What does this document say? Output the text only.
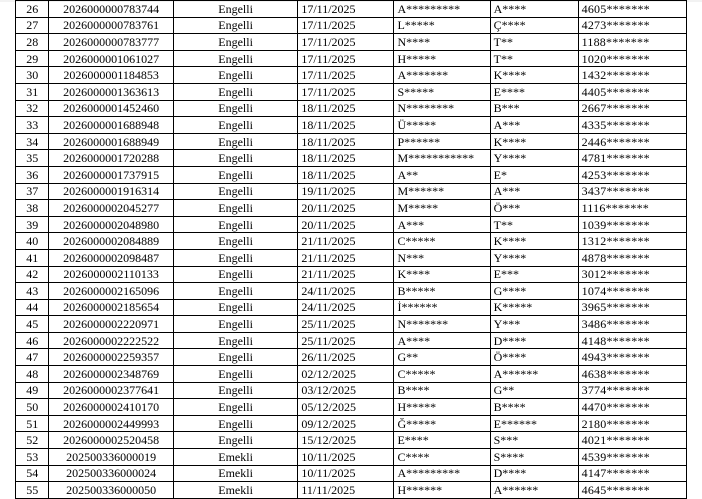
26	2026000000783744	Engelli	17/11/2025	A*********	A****	4605*******
27	2026000000783761	Engelli	17/11/2025	L*****	Ç****	4273*******
28	2026000000783777	Engelli	17/11/2025	N****	T**	1188*******
29	2026000001061027	Engelli	17/11/2025	H*****	T**	1020*******
30	2026000001184853	Engelli	17/11/2025	A*******	K****	1432*******
31	2026000001363613	Engelli	17/11/2025	S*****	E****	4405*******
32	2026000001452460	Engelli	18/11/2025	N********	B***	2667*******
33	2026000001688948	Engelli	18/11/2025	Ü*****	A***	4335*******
34	2026000001688949	Engelli	18/11/2025	P******	K****	2446*******
35	2026000001720288	Engelli	18/11/2025	M***********	Y****	4781*******
36	2026000001737915	Engelli	18/11/2025	A**	E*	4253*******
37	2026000001916314	Engelli	19/11/2025	M******	A***	3437*******
38	2026000002045277	Engelli	20/11/2025	M*****	Ö***	1116*******
39	2026000002048980	Engelli	20/11/2025	A***	T**	1039*******
40	2026000002084889	Engelli	21/11/2025	C*****	K****	1312*******
41	2026000002098487	Engelli	21/11/2025	N***	Y****	4878*******
42	2026000002110133	Engelli	21/11/2025	K****	E***	3012*******
43	2026000002165096	Engelli	24/11/2025	B*****	G****	1074*******
44	2026000002185654	Engelli	24/11/2025	İ******	K*****	3965*******
45	2026000002220971	Engelli	25/11/2025	N*******	Y***	3486*******
46	2026000002222522	Engelli	25/11/2025	A****	D****	4148*******
47	2026000002259357	Engelli	26/11/2025	G**	Ö****	4943*******
48	2026000002348769	Engelli	02/12/2025	C*****	A******	4638*******
49	2026000002377641	Engelli	03/12/2025	B****	G**	3774*******
50	2026000002410170	Engelli	05/12/2025	H*****	B****	4470*******
51	2026000002449993	Engelli	09/12/2025	Ğ*****	E******	2180*******
52	2026000002520458	Engelli	15/12/2025	E****	S***	4021*******
53	202500336000019	Emekli	10/11/2025	C****	S****	4539*******
54	202500336000024	Emekli	10/11/2025	A*********	D****	4147*******
55	202500336000050	Emekli	11/11/2025	H******	A******	4645*******
